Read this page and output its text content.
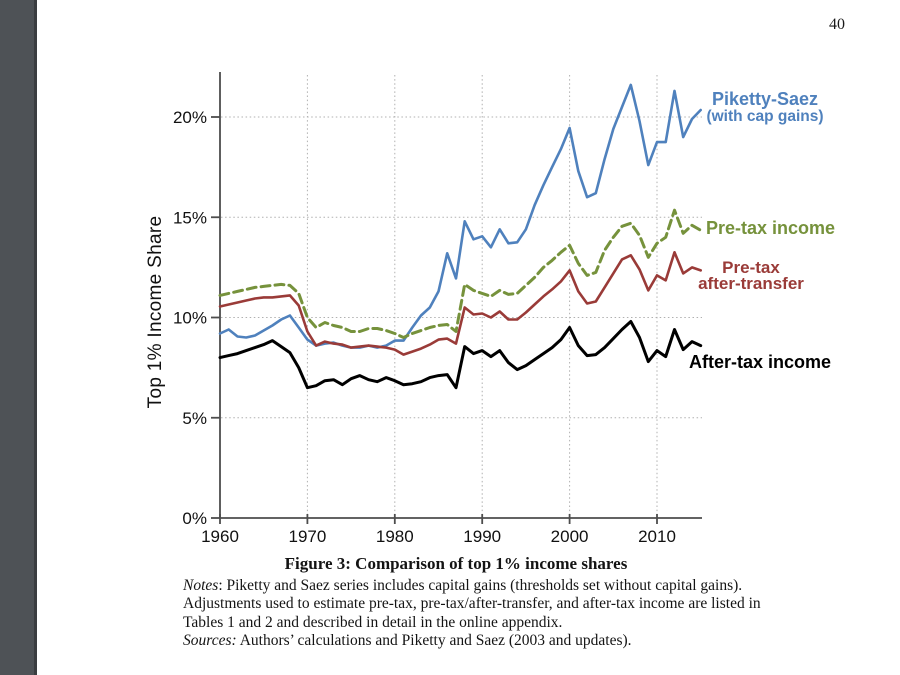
40
0%
5%
10%
15%
20%
1960	1970	1980	1990	2000	2010
Top 1% Income Share
Piketty-Saez
(with cap gains)
Pre-tax income
Pre-tax
after-transfer
After-tax income
Figure 3: Comparison of top 1% income shares
Notes: Piketty and Saez series includes capital gains (thresholds set without capital gains).
Adjustments used to estimate pre-tax, pre-tax/after-transfer, and after-tax income are listed in
Tables 1 and 2 and described in detail in the online appendix.
Sources: Authors’ calculations and Piketty and Saez (2003 and updates).
